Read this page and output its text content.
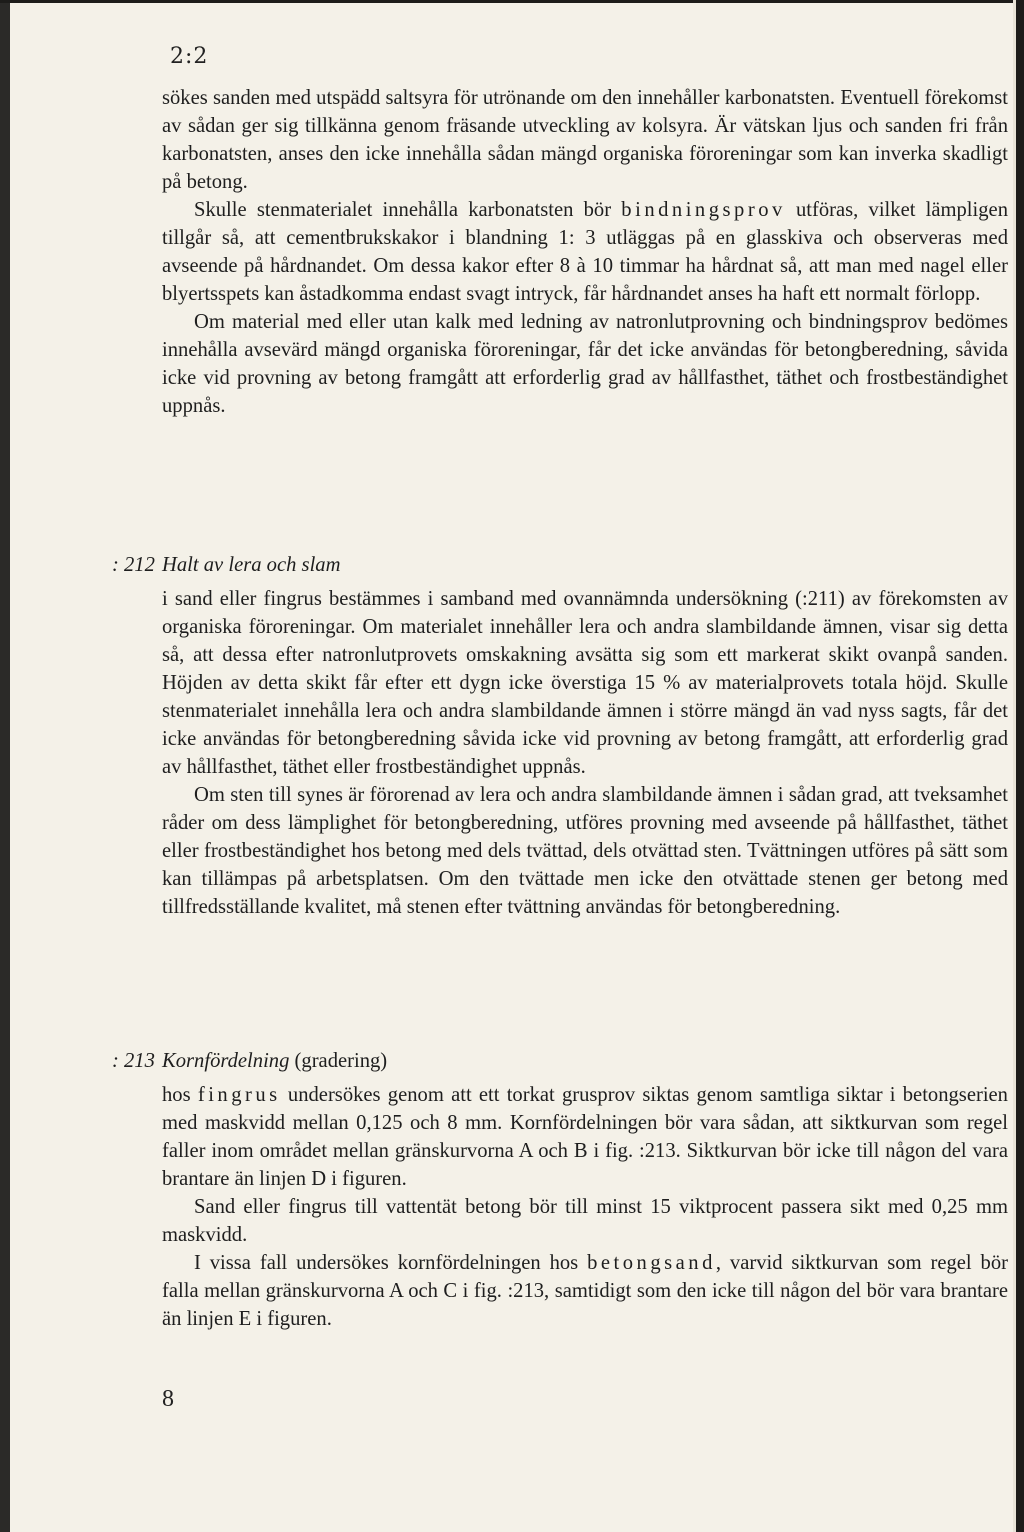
2:2

sökes sanden med utspädd saltsyra för utrönande om den innehåller karbonatsten. Eventuell förekomst av sådan ger sig tillkänna genom fräsande utveckling av kolsyra. Är vätskan ljus och sanden fri från karbonatsten, anses den icke innehålla sådan mängd organiska föroreningar som kan inverka skadligt på betong.

Skulle stenmaterialet innehålla karbonatsten bör bindningsprov utföras, vilket lämpligen tillgår så, att cementbrukskakor i blandning 1: 3 utläggas på en glasskiva och observeras med avseende på hårdnandet. Om dessa kakor efter 8 à 10 timmar ha hårdnat så, att man med nagel eller blyertsspets kan åstadkomma endast svagt intryck, får hårdnandet anses ha haft ett normalt förlopp.

Om material med eller utan kalk med ledning av natronlutprovning och bindningsprov bedömes innehålla avsevärd mängd organiska föroreningar, får det icke användas för betongberedning, såvida icke vid provning av betong framgått att erforderlig grad av hållfasthet, täthet och frostbeständighet uppnås.

: 212 Halt av lera och slam

i sand eller fingrus bestämmes i samband med ovannämnda undersökning (:211) av förekomsten av organiska föroreningar. Om materialet innehåller lera och andra slambildande ämnen, visar sig detta så, att dessa efter natronlutprovets omskakning avsätta sig som ett markerat skikt ovanpå sanden. Höjden av detta skikt får efter ett dygn icke överstiga 15 % av materialprovets totala höjd. Skulle stenmaterialet innehålla lera och andra slambildande ämnen i större mängd än vad nyss sagts, får det icke användas för betongberedning såvida icke vid provning av betong framgått, att erforderlig grad av hållfasthet, täthet eller frostbeständighet uppnås.

Om sten till synes är förorenad av lera och andra slambildande ämnen i sådan grad, att tveksamhet råder om dess lämplighet för betongberedning, utföres provning med avseende på hållfasthet, täthet eller frostbeständighet hos betong med dels tvättad, dels otvättad sten. Tvättningen utföres på sätt som kan tillämpas på arbetsplatsen. Om den tvättade men icke den otvättade stenen ger betong med tillfredsställande kvalitet, må stenen efter tvättning användas för betongberedning.

: 213 Kornfördelning (gradering)

hos fingrus undersökes genom att ett torkat grusprov siktas genom samtliga siktar i betongserien med maskvidd mellan 0,125 och 8 mm. Kornfördelningen bör vara sådan, att siktkurvan som regel faller inom området mellan gränskurvorna A och B i fig. :213. Siktkurvan bör icke till någon del vara brantare än linjen D i figuren.

Sand eller fingrus till vattentät betong bör till minst 15 viktprocent passera sikt med 0,25 mm maskvidd.

I vissa fall undersökes kornfördelningen hos betongsand, varvid siktkurvan som regel bör falla mellan gränskurvorna A och C i fig. :213, samtidigt som den icke till någon del bör vara brantare än linjen E i figuren.

8
